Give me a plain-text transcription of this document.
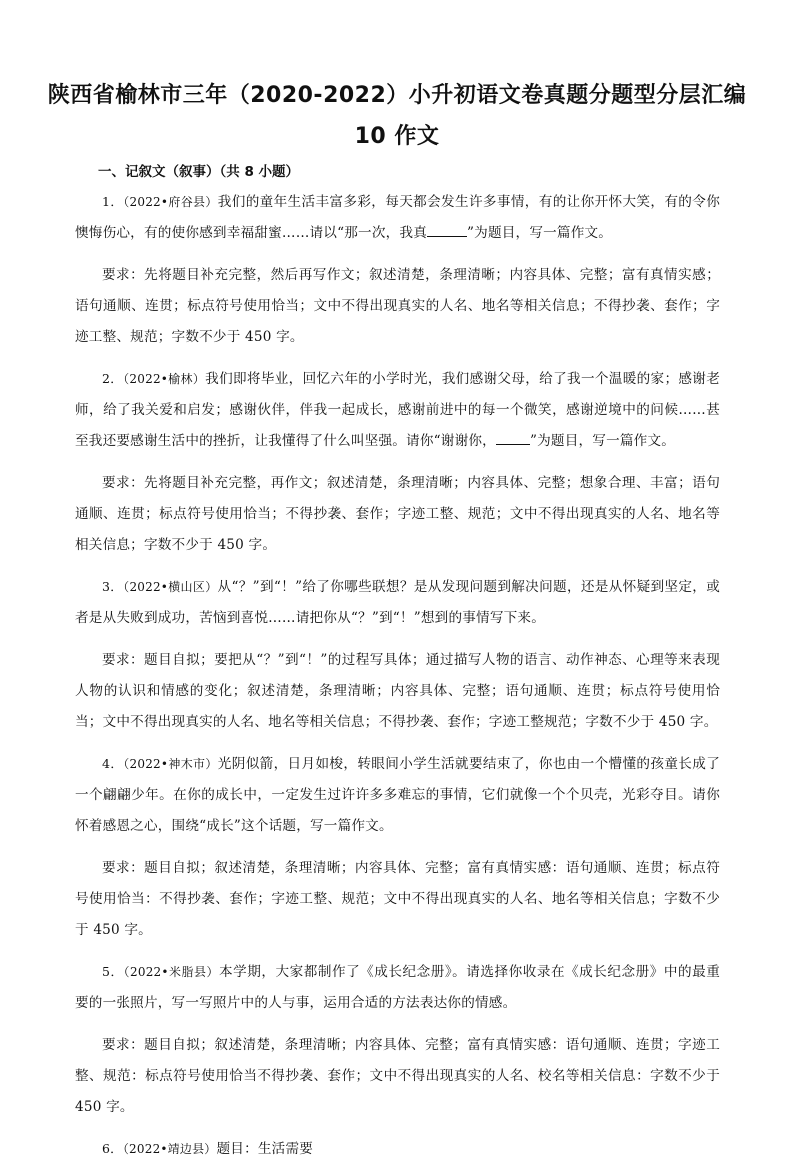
陕西省榆林市三年（2020-2022）小升初语文卷真题分题型分层汇编
10 作文
一、记叙文（叙事）（共 8 小题）

1．（2022•府谷县）我们的童年生活丰富多彩，每天都会发生许多事情，有的让你开怀大笑，有的令你懊悔伤心，有的使你感到幸福甜蜜……请以“那一次，我真	”为题目，写一篇作文。

要求：先将题目补充完整，然后再写作文；叙述清楚，条理清晰；内容具体、完整；富有真情实感；语句通顺、连贯；标点符号使用恰当；文中不得出现真实的人名、地名等相关信息；不得抄袭、套作；字迹工整、规范；字数不少于 450 字。

2．（2022•榆林）我们即将毕业，回忆六年的小学时光，我们感谢父母，给了我一个温暖的家；感谢老师，给了我关爱和启发；感谢伙伴，伴我一起成长，感谢前进中的每一个微笑，感谢逆境中的问候……甚至我还要感谢生活中的挫折，让我懂得了什么叫坚强。请你“谢谢你，	”为题目，写一篇作文。

要求：先将题目补充完整，再作文；叙述清楚，条理清晰；内容具体、完整；想象合理、丰富；语句通顺、连贯；标点符号使用恰当；不得抄袭、套作；字迹工整、规范；文中不得出现真实的人名、地名等相关信息；字数不少于 450 字。

3．（2022•横山区）从“？”到“！”给了你哪些联想？是从发现问题到解决问题，还是从怀疑到坚定，或者是从失败到成功，苦恼到喜悦……请把你从“？”到“！”想到的事情写下来。

要求：题目自拟；要把从“？”到“！”的过程写具体；通过描写人物的语言、动作神态、心理等来表现人物的认识和情感的变化；叙述清楚，条理清晰；内容具体、完整；语句通顺、连贯；标点符号使用恰当；文中不得出现真实的人名、地名等相关信息；不得抄袭、套作；字迹工整规范；字数不少于 450 字。

4．（2022•神木市）光阴似箭，日月如梭，转眼间小学生活就要结束了，你也由一个懵懂的孩童长成了一个翩翩少年。在你的成长中，一定发生过许许多多难忘的事情，它们就像一个个贝壳，光彩夺目。请你怀着感恩之心，围绕“成长”这个话题，写一篇作文。

要求：题目自拟；叙述清楚，条理清晰；内容具体、完整；富有真情实感：语句通顺、连贯；标点符号使用恰当：不得抄袭、套作；字迹工整、规范；文中不得出现真实的人名、地名等相关信息；字数不少于 450 字。

5．（2022•米脂县）本学期，大家都制作了《成长纪念册》。请选择你收录在《成长纪念册》中的最重要的一张照片，写一写照片中的人与事，运用合适的方法表达你的情感。

要求：题目自拟；叙述清楚，条理清晰；内容具体、完整；富有真情实感：语句通顺、连贯；字迹工整、规范：标点符号使用恰当不得抄袭、套作；文中不得出现真实的人名、校名等相关信息：字数不少于 450 字。

6．（2022•靖边县）题目：生活需要
